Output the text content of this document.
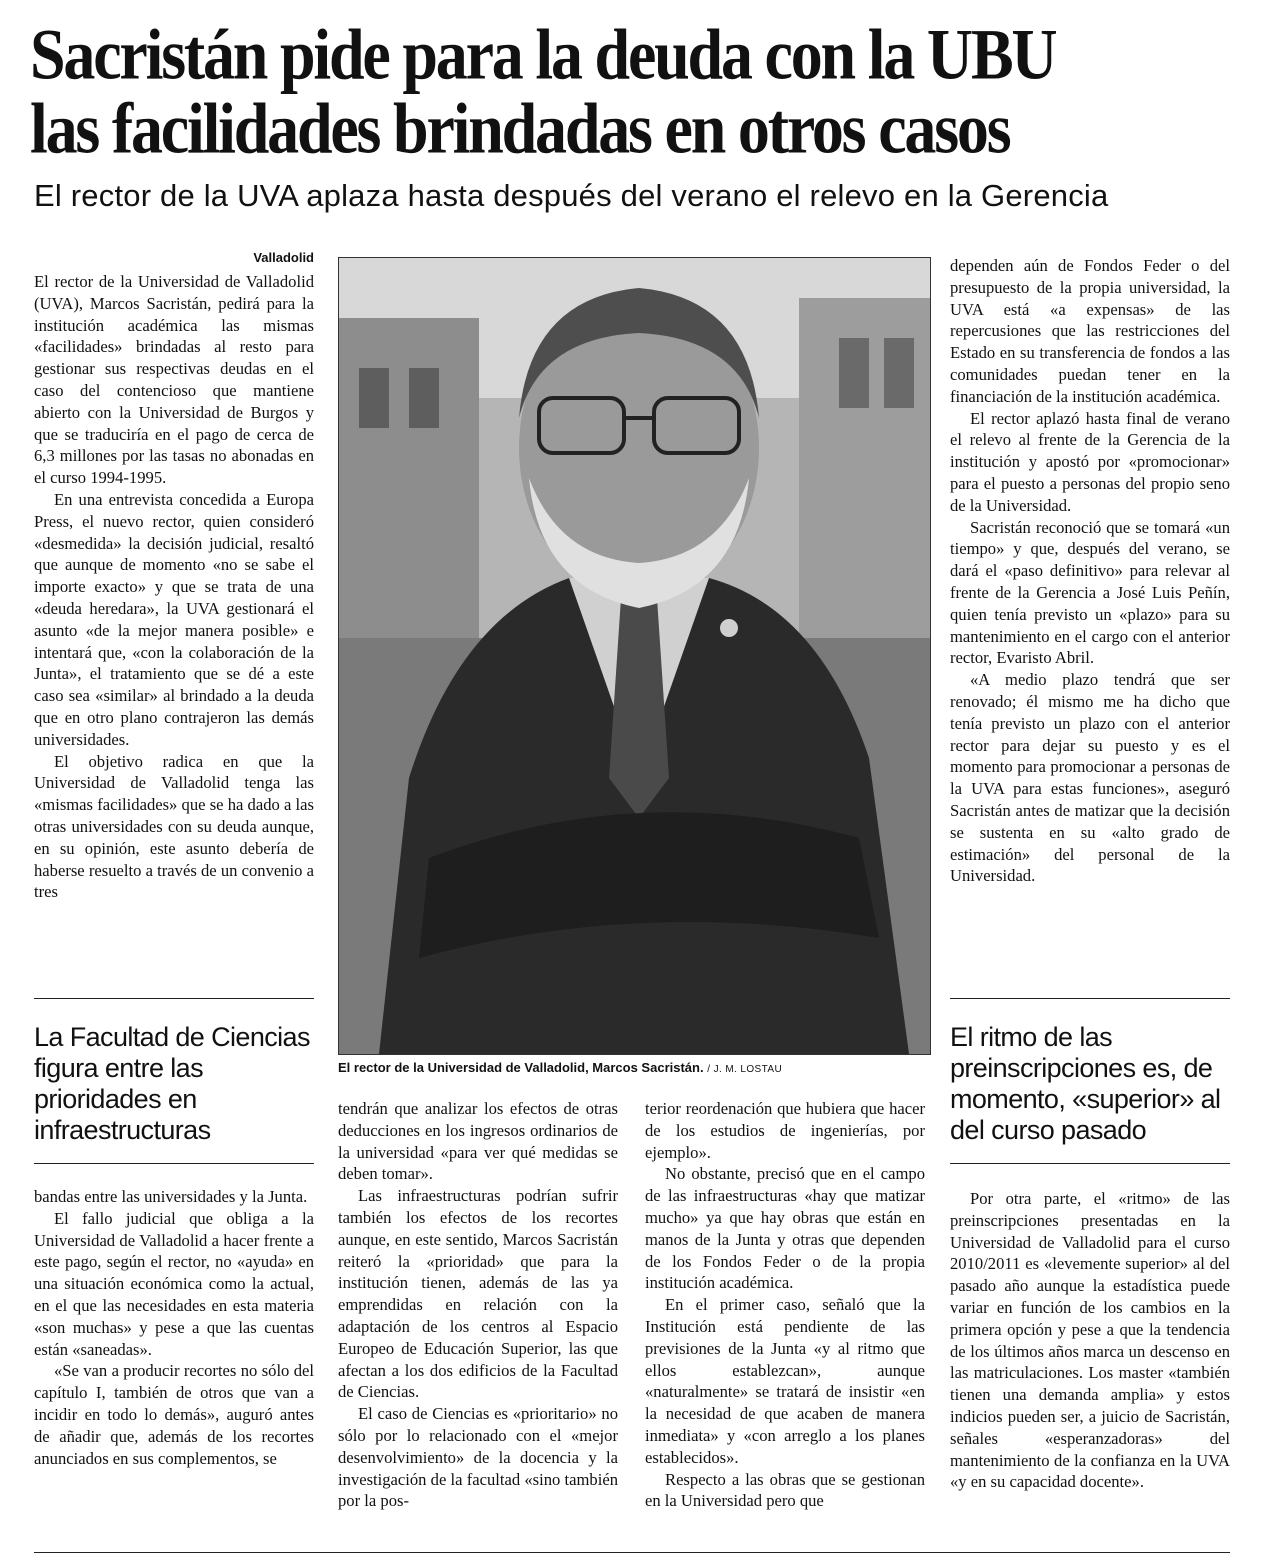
Sacristán pide para la deuda con la UBU
las facilidades brindadas en otros casos
El rector de la UVA aplaza hasta después del verano el relevo en la Gerencia
Valladolid

El rector de la Universidad de Valladolid (UVA), Marcos Sacristán, pedirá para la institución académica las mismas «facilidades» brindadas al resto para gestionar sus respectivas deudas en el caso del contencioso que mantiene abierto con la Universidad de Burgos y que se traduciría en el pago de cerca de 6,3 millones por las tasas no abonadas en el curso 1994-1995.

En una entrevista concedida a Europa Press, el nuevo rector, quien consideró «desmedida» la decisión judicial, resaltó que aunque de momento «no se sabe el importe exacto» y que se trata de una «deuda heredara», la UVA gestionará el asunto «de la mejor manera posible» e intentará que, «con la colaboración de la Junta», el tratamiento que se dé a este caso sea «similar» al brindado a la deuda que en otro plano contrajeron las demás universidades.

El objetivo radica en que la Universidad de Valladolid tenga las «mismas facilidades» que se ha dado a las otras universidades con su deuda aunque, en su opinión, este asunto debería de haberse resuelto a través de un convenio a tres

La Facultad de Ciencias figura entre las prioridades en infraestructuras
El rector de la Universidad de Valladolid, Marcos Sacristán. / J. M. LOSTAU

dependen aún de Fondos Feder o del presupuesto de la propia universidad, la UVA está «a expensas» de las repercusiones que las restricciones del Estado en su transferencia de fondos a las comunidades puedan tener en la financiación de la institución académica.

El rector aplazó hasta final de verano el relevo al frente de la Gerencia de la institución y apostó por «promocionar» para el puesto a personas del propio seno de la Universidad.

Sacristán reconoció que se tomará «un tiempo» y que, después del verano, se dará el «paso definitivo» para relevar al frente de la Gerencia a José Luis Peñín, quien tenía previsto un «plazo» para su mantenimiento en el cargo con el anterior rector, Evaristo Abril.

«A medio plazo tendrá que ser renovado; él mismo me ha dicho que tenía previsto un plazo con el anterior rector para dejar su puesto y es el momento para promocionar a personas de la UVA para estas funciones», aseguró Sacristán antes de matizar que la decisión se sustenta en su «alto grado de estimación» del personal de la Universidad.

El ritmo de las preinscripciones es, de momento, «superior» al del curso pasado

Por otra parte, el «ritmo» de las preinscripciones presentadas en la Universidad de Valladolid para el curso 2010/2011 es «levemente superior» al del pasado año aunque la estadística puede variar en función de los cambios en la primera opción y pese a que la tendencia de los últimos años marca un descenso en las matriculaciones. Los master «también tienen una demanda amplia» y estos indicios pueden ser, a juicio de Sacristán, señales «esperanzadoras» del mantenimiento de la confianza en la UVA «y en su capacidad docente».

bandas entre las universidades y la Junta.

El fallo judicial que obliga a la Universidad de Valladolid a hacer frente a este pago, según el rector, no «ayuda» en una situación económica como la actual, en el que las necesidades en esta materia «son muchas» y pese a que las cuentas están «saneadas».

«Se van a producir recortes no sólo del capítulo I, también de otros que van a incidir en todo lo demás», auguró antes de añadir que, además de los recortes anunciados en sus complementos, se

tendrán que analizar los efectos de otras deducciones en los ingresos ordinarios de la universidad «para ver qué medidas se deben tomar».

Las infraestructuras podrían sufrir también los efectos de los recortes aunque, en este sentido, Marcos Sacristán reiteró la «prioridad» que para la institución tienen, además de las ya emprendidas en relación con la adaptación de los centros al Espacio Europeo de Educación Superior, las que afectan a los dos edificios de la Facultad de Ciencias.

El caso de Ciencias es «prioritario» no sólo por lo relacionado con el «mejor desenvolvimiento» de la docencia y la investigación de la facultad «sino también por la pos-

terior reordenación que hubiera que hacer de los estudios de ingenierías, por ejemplo».

No obstante, precisó que en el campo de las infraestructuras «hay que matizar mucho» ya que hay obras que están en manos de la Junta y otras que dependen de los Fondos Feder o de la propia institución académica.

En el primer caso, señaló que la Institución está pendiente de las previsiones de la Junta «y al ritmo que ellos establezcan», aunque «naturalmente» se tratará de insistir «en la necesidad de que acaben de manera inmediata» y «con arreglo a los planes establecidos».

Respecto a las obras que se gestionan en la Universidad pero que
